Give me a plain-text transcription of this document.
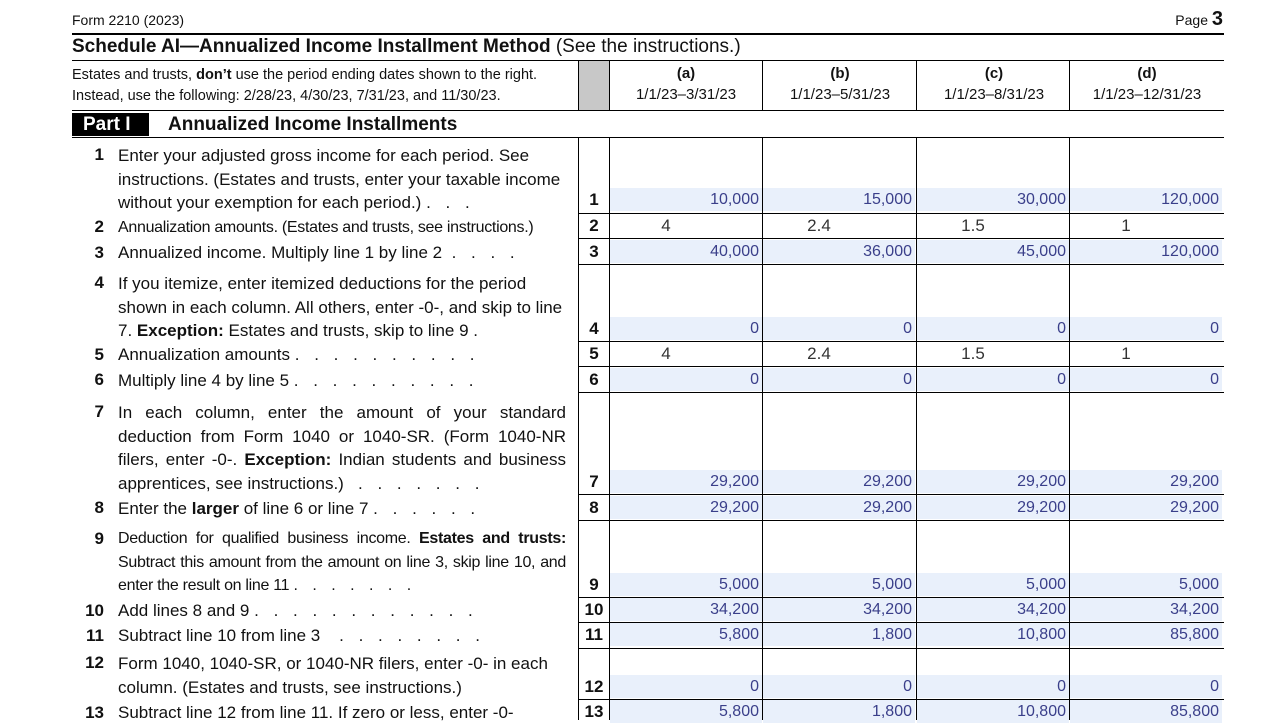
Form 2210 (2023)	Page 3
Schedule AI—Annualized Income Installment Method (See the instructions.)
Estates and trusts, don’t use the period ending dates shown to the right.
Instead, use the following: 2/28/23, 4/30/23, 7/31/23, and 11/30/23.
(a)
1/1/23–3/31/23
(b)
1/1/23–5/31/23
(c)
1/1/23–8/31/23
(d)
1/1/23–12/31/23
Part I	Annualized Income Installments
1 Enter your adjusted gross income for each period. See instructions. (Estates and trusts, enter your taxable income without your exemption for each period.) . . .	1	10,000	15,000	30,000	120,000
2 Annualization amounts. (Estates and trusts, see instructions.)	2	4	2.4	1.5	1
3 Annualized income. Multiply line 1 by line 2 . . . .	3	40,000	36,000	45,000	120,000
4 If you itemize, enter itemized deductions for the period shown in each column. All others, enter -0-, and skip to line 7. Exception: Estates and trusts, skip to line 9 .	4	0	0	0	0
5 Annualization amounts . . . . . . . . . .	5	4	2.4	1.5	1
6 Multiply line 4 by line 5 . . . . . . . . . .	6	0	0	0	0
7 In each column, enter the amount of your standard deduction from Form 1040 or 1040-SR. (Form 1040-NR filers, enter -0-. Exception: Indian students and business apprentices, see instructions.) . . . . . . .	7	29,200	29,200	29,200	29,200
8 Enter the larger of line 6 or line 7 . . . . . .	8	29,200	29,200	29,200	29,200
9 Deduction for qualified business income. Estates and trusts: Subtract this amount from the amount on line 3, skip line 10, and enter the result on line 11 . . . . . . .	9	5,000	5,000	5,000	5,000
10 Add lines 8 and 9 . . . . . . . . . . . .	10	34,200	34,200	34,200	34,200
11 Subtract line 10 from line 3 . . . . . . . .	11	5,800	1,800	10,800	85,800
12 Form 1040, 1040-SR, or 1040-NR filers, enter -0- in each column. (Estates and trusts, see instructions.)	12	0	0	0	0
13 Subtract line 12 from line 11. If zero or less, enter -0-	13	5,800	1,800	10,800	85,800
